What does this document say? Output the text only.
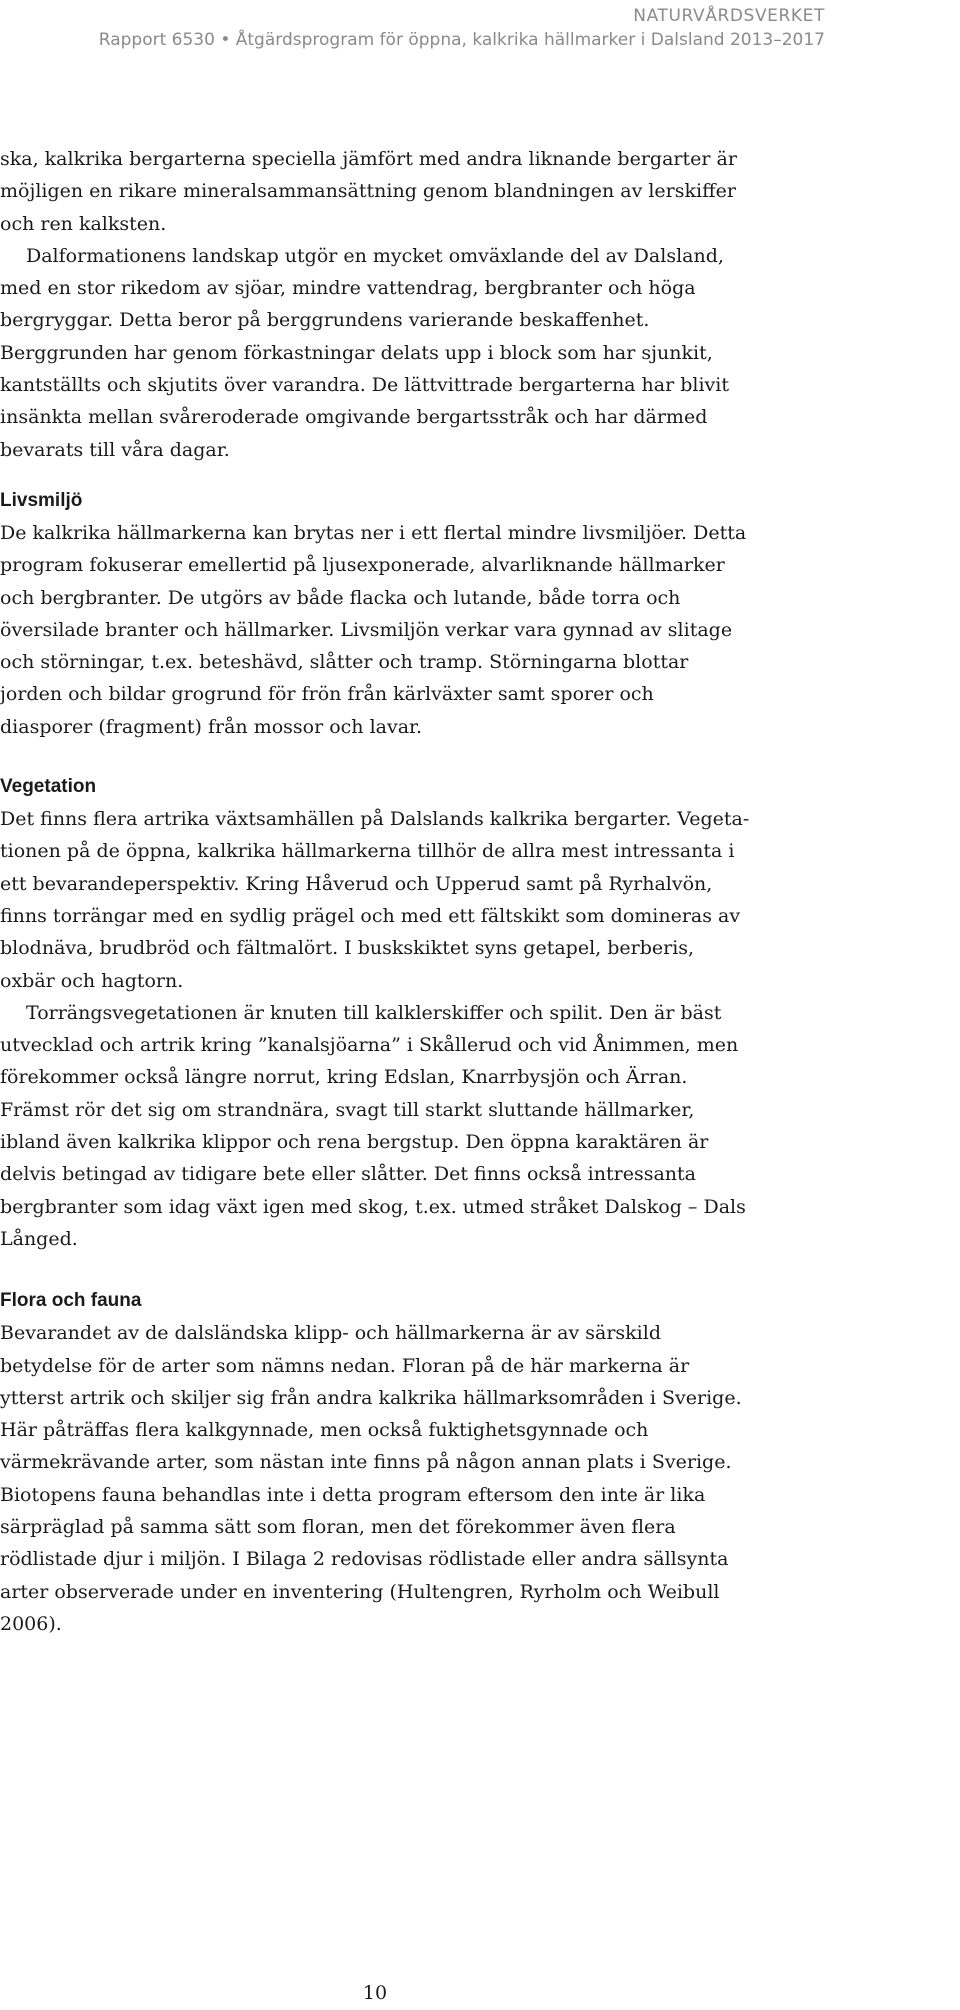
NATURVÅRDSVERKET
Rapport 6530 • Åtgärdsprogram för öppna, kalkrika hällmarker i Dalsland 2013–2017

ska, kalkrika bergarterna speciella jämfört med andra liknande bergarter är möjligen en rikare mineralsammansättning genom blandningen av lerskiffer och ren kalksten.

Dalformationens landskap utgör en mycket omväxlande del av Dalsland, med en stor rikedom av sjöar, mindre vattendrag, bergbranter och höga bergryggar. Detta beror på berggrundens varierande beskaffenhet. Berggrunden har genom förkastningar delats upp i block som har sjunkit, kantställts och skjutits över varandra. De lättvittrade bergarterna har blivit insänkta mellan svåreroderade omgivande bergartsstråk och har därmed bevarats till våra dagar.

Livsmiljö

De kalkrika hällmarkerna kan brytas ner i ett flertal mindre livsmiljöer. Detta program fokuserar emellertid på ljusexponerade, alvarliknande hällmarker och bergbranter. De utgörs av både flacka och lutande, både torra och översilade branter och hällmarker. Livsmiljön verkar vara gynnad av slitage och störningar, t.ex. beteshävd, slåtter och tramp. Störningarna blottar jorden och bildar grogrund för frön från kärlväxter samt sporer och diasporer (fragment) från mossor och lavar.

Vegetation

Det finns flera artrika växtsamhällen på Dalslands kalkrika bergarter. Vegetationen på de öppna, kalkrika hällmarkerna tillhör de allra mest intressanta i ett bevarandeperspektiv. Kring Håverud och Upperud samt på Ryrhalvön, finns torrängar med en sydlig prägel och med ett fältskikt som domineras av blodnäva, brudbröd och fältmalört. I buskskiktet syns getapel, berberis, oxbär och hagtorn.

Torrängsvegetationen är knuten till kalklerskiffer och spilit. Den är bäst utvecklad och artrik kring ”kanalsjöarna” i Skållerud och vid Ånimmen, men förekommer också längre norrut, kring Edslan, Knarrbysjön och Ärran. Främst rör det sig om strandnära, svagt till starkt sluttande hällmarker, ibland även kalkrika klippor och rena bergstup. Den öppna karaktären är delvis betingad av tidigare bete eller slåtter. Det finns också intressanta bergbranter som idag växt igen med skog, t.ex. utmed stråket Dalskog – Dals Långed.

Flora och fauna

Bevarandet av de dalsländska klipp- och hällmarkerna är av särskild betydelse för de arter som nämns nedan. Floran på de här markerna är ytterst artrik och skiljer sig från andra kalkrika hällmarksområden i Sverige. Här påträffas flera kalkgynnade, men också fuktighetsgynnade och värmekrävande arter, som nästan inte finns på någon annan plats i Sverige. Biotopens fauna behandlas inte i detta program eftersom den inte är lika särpräglad på samma sätt som floran, men det förekommer även flera rödlistade djur i miljön. I Bilaga 2 redovisas rödlistade eller andra sällsynta arter observerade under en inventering (Hultengren, Ryrholm och Weibull 2006).

10
